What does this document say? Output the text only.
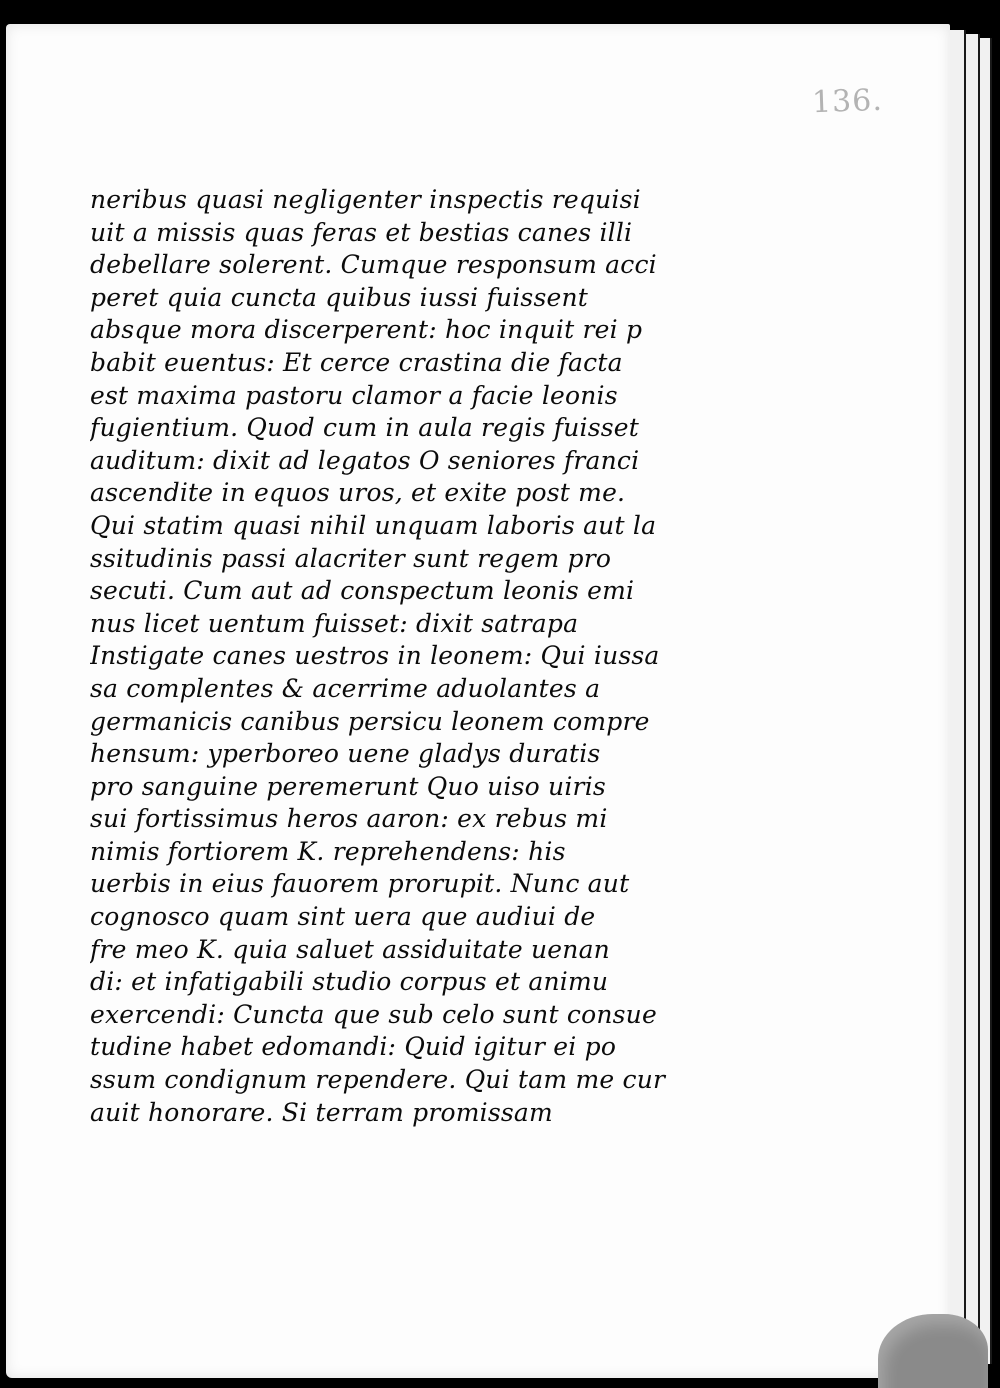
136.
neribus quasi negligenter inspectis requisi
uit a missis quas feras et bestias canes illi
debellare solerent. Cumque responsum acci
peret quia cuncta quibus iussi fuissent
absque mora discerperent: hoc inquit rei p
babit euentus: Et cerce crastina die facta
est maxima pastoru clamor a facie leonis
fugientium. Quod cum in aula regis fuisset
auditum: dixit ad legatos O seniores franci
ascendite in equos uros, et exite post me.
Qui statim quasi nihil unquam laboris aut la
ssitudinis passi alacriter sunt regem pro
secuti. Cum aut ad conspectum leonis emi
nus licet uentum fuisset: dixit satrapa
Instigate canes uestros in leonem: Qui iussa
sa complentes & acerrime aduolantes a
germanicis canibus persicu leonem compre
hensum: yperboreo uene gladys duratis
pro sanguine peremerunt Quo uiso uiris
sui fortissimus heros aaron: ex rebus mi
nimis fortiorem K. reprehendens: his
uerbis in eius fauorem prorupit. Nunc aut
cognosco quam sint uera que audiui de
fre meo K. quia saluet assiduitate uenan
di: et infatigabili studio corpus et animu
exercendi: Cuncta que sub celo sunt consue
tudine habet edomandi: Quid igitur ei po
ssum condignum rependere. Qui tam me cur
auit honorare. Si terram promissam
